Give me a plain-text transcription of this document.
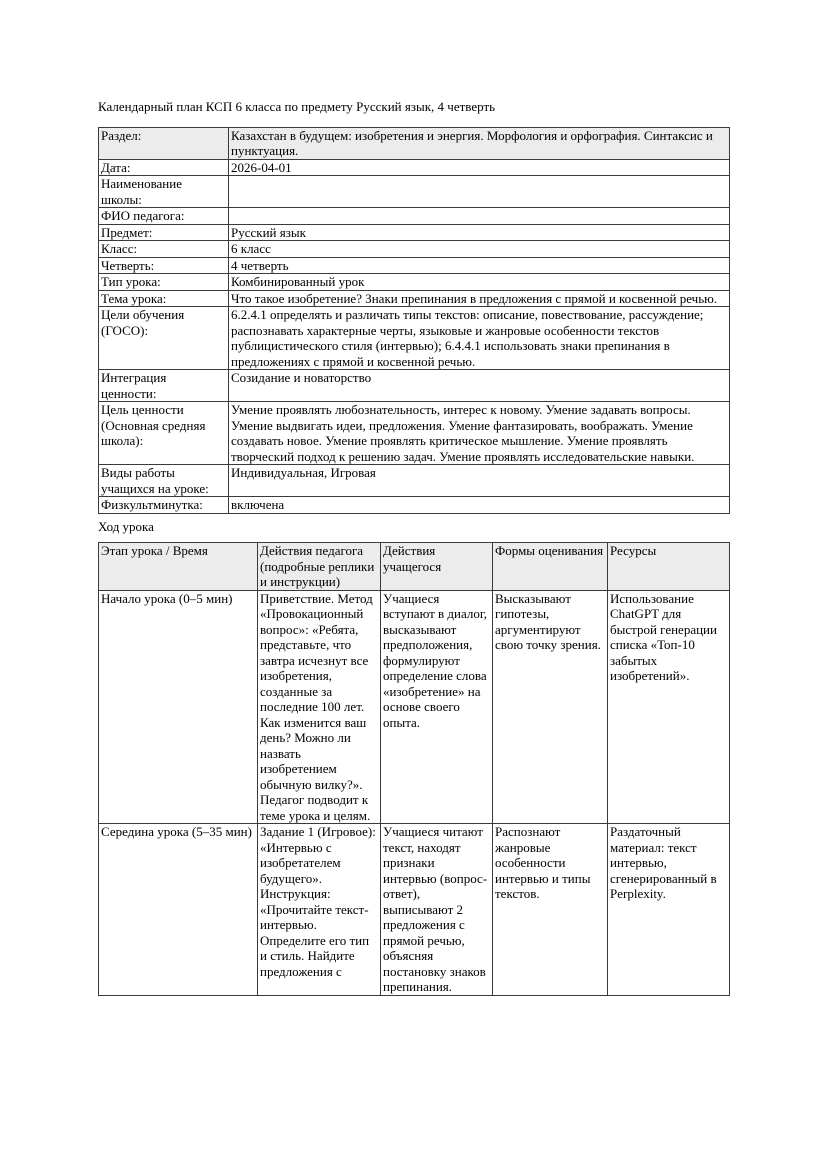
Календарный план КСП 6 класса по предмету Русский язык, 4 четверть

Раздел:	Казахстан в будущем: изобретения и энергия. Морфология и орфография. Синтаксис и пунктуация.
Дата:	2026-04-01
Наименование школы:	
ФИО педагога:	
Предмет:	Русский язык
Класс:	6 класс
Четверть:	4 четверть
Тип урока:	Комбинированный урок
Тема урока:	Что такое изобретение? Знаки препинания в предложения с прямой и косвенной речью.
Цели обучения (ГОСО):	6.2.4.1 определять и различать типы текстов: описание, повествование, рассуждение; распознавать характерные черты, языковые и жанровые особенности текстов публицистического стиля (интервью); 6.4.4.1 использовать знаки препинания в предложениях с прямой и косвенной речью.
Интеграция ценности:	Созидание и новаторство
Цель ценности (Основная средняя школа):	Умение проявлять любознательность, интерес к новому. Умение задавать вопросы. Умение выдвигать идеи, предложения. Умение фантазировать, воображать. Умение создавать новое. Умение проявлять критическое мышление. Умение проявлять творческий подход к решению задач. Умение проявлять исследовательские навыки.
Виды работы учащихся на уроке:	Индивидуальная, Игровая
Физкультминутка:	включена

Ход урока

Этап урока / Время	Действия педагога (подробные реплики и инструкции)	Действия учащегося	Формы оценивания	Ресурсы
Начало урока (0–5 мин)	Приветствие. Метод «Провокационный вопрос»: «Ребята, представьте, что завтра исчезнут все изобретения, созданные за последние 100 лет. Как изменится ваш день? Можно ли назвать изобретением обычную вилку?». Педагог подводит к теме урока и целям.	Учащиеся вступают в диалог, высказывают предположения, формулируют определение слова «изобретение» на основе своего опыта.	Высказывают гипотезы, аргументируют свою точку зрения.	Использование ChatGPT для быстрой генерации списка «Топ-10 забытых изобретений».
Середина урока (5–35 мин)	Задание 1 (Игровое): «Интервью с изобретателем будущего». Инструкция: «Прочитайте текст-интервью. Определите его тип и стиль. Найдите предложения с	Учащиеся читают текст, находят признаки интервью (вопрос-ответ), выписывают 2 предложения с прямой речью, объясняя постановку знаков препинания.	Распознают жанровые особенности интервью и типы текстов.	Раздаточный материал: текст интервью, сгенерированный в Perplexity.
